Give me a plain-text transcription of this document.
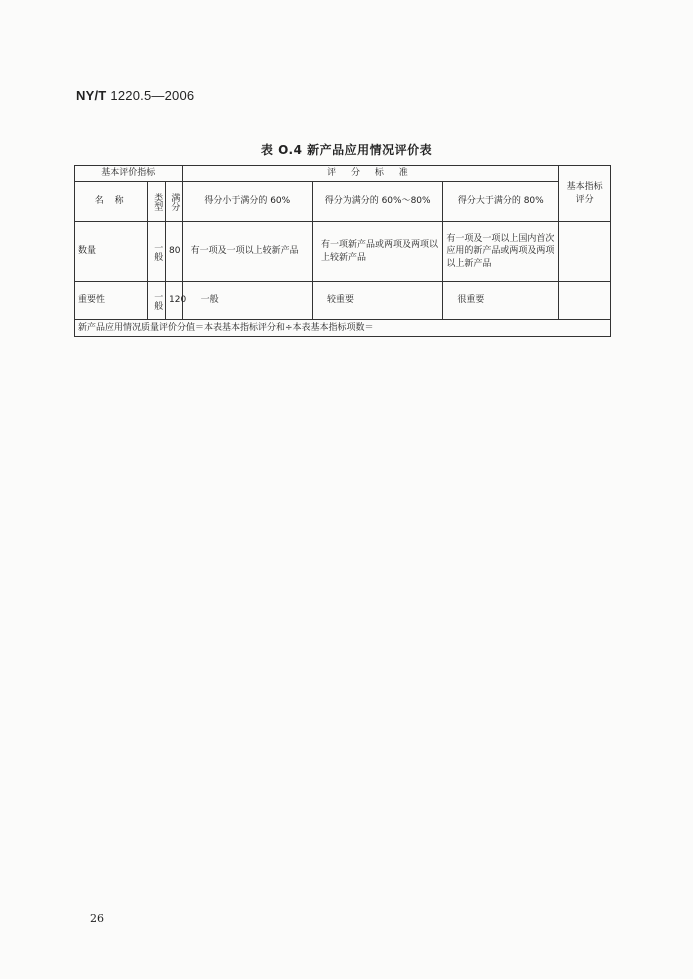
NY/T 1220.5—2006
表 O.4 新产品应用情况评价表
基本评价指标			评 分 标 准			基本指标评分
名 称	类型	满分	得分小于满分的 60%	得分为满分的 60%～80%	得分大于满分的 80%	
数量	一般	80	有一项及一项以上较新产品	有一项新产品或两项及两项以上较新产品	有一项及一项以上国内首次应用的新产品或两项及两项以上新产品	
重要性	一般	120	一般	较重要	很重要	
新产品应用情况质量评价分值＝本表基本指标评分和÷本表基本指标项数＝						
26
